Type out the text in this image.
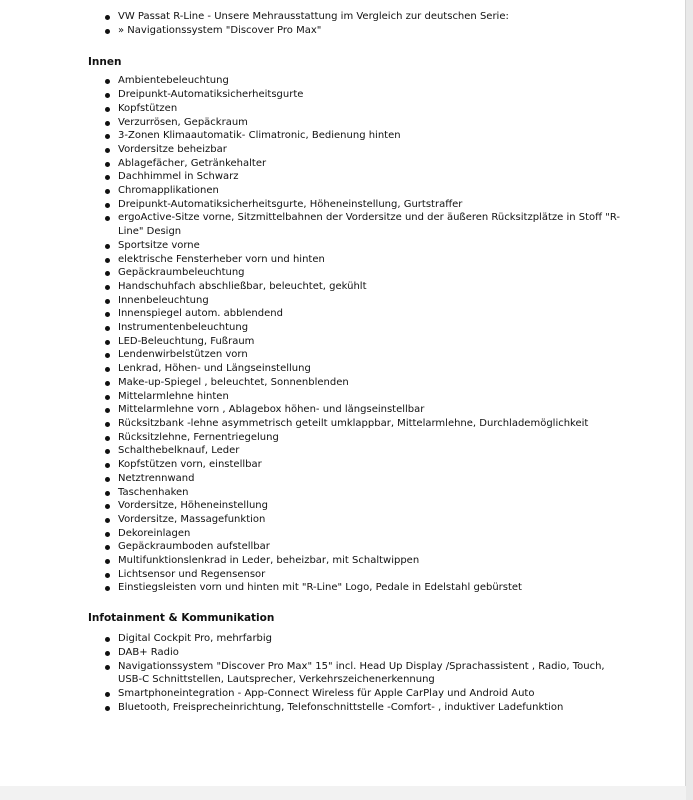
VW Passat R-Line - Unsere Mehrausstattung im Vergleich zur deutschen Serie:
» Navigationssystem "Discover Pro Max"
Innen
Ambientebeleuchtung
Dreipunkt-Automatiksicherheitsgurte
Kopfstützen
Verzurrösen, Gepäckraum
3-Zonen Klimaautomatik- Climatronic, Bedienung hinten
Vordersitze beheizbar
Ablagefächer, Getränkehalter
Dachhimmel in Schwarz
Chromapplikationen
Dreipunkt-Automatiksicherheitsgurte, Höheneinstellung, Gurtstraffer
ergoActive-Sitze vorne, Sitzmittelbahnen der Vordersitze und der äußeren Rücksitzplätze in Stoff "R-Line" Design
Sportsitze vorne
elektrische Fensterheber vorn und hinten
Gepäckraumbeleuchtung
Handschuhfach abschließbar, beleuchtet, gekühlt
Innenbeleuchtung
Innenspiegel autom. abblendend
Instrumentenbeleuchtung
LED-Beleuchtung, Fußraum
Lendenwirbelstützen vorn
Lenkrad, Höhen- und Längseinstellung
Make-up-Spiegel , beleuchtet, Sonnenblenden
Mittelarmlehne hinten
Mittelarmlehne vorn , Ablagebox höhen- und längseinstellbar
Rücksitzbank -lehne asymmetrisch geteilt umklappbar, Mittelarmlehne, Durchlademöglichkeit
Rücksitzlehne, Fernentriegelung
Schalthebelknauf, Leder
Kopfstützen vorn, einstellbar
Netztrennwand
Taschenhaken
Vordersitze, Höheneinstellung
Vordersitze, Massagefunktion
Dekoreinlagen
Gepäckraumboden aufstellbar
Multifunktionslenkrad in Leder, beheizbar, mit Schaltwippen
Lichtsensor und Regensensor
Einstiegsleisten vorn und hinten mit "R-Line" Logo, Pedale in Edelstahl gebürstet
Infotainment & Kommunikation
Digital Cockpit Pro, mehrfarbig
DAB+ Radio
Navigationssystem "Discover Pro Max" 15" incl. Head Up Display /Sprachassistent , Radio, Touch, USB-C Schnittstellen, Lautsprecher, Verkehrszeichenerkennung
Smartphoneintegration - App-Connect Wireless für Apple CarPlay und Android Auto
Bluetooth, Freisprecheinrichtung, Telefonschnittstelle -Comfort- , induktiver Ladefunktion
